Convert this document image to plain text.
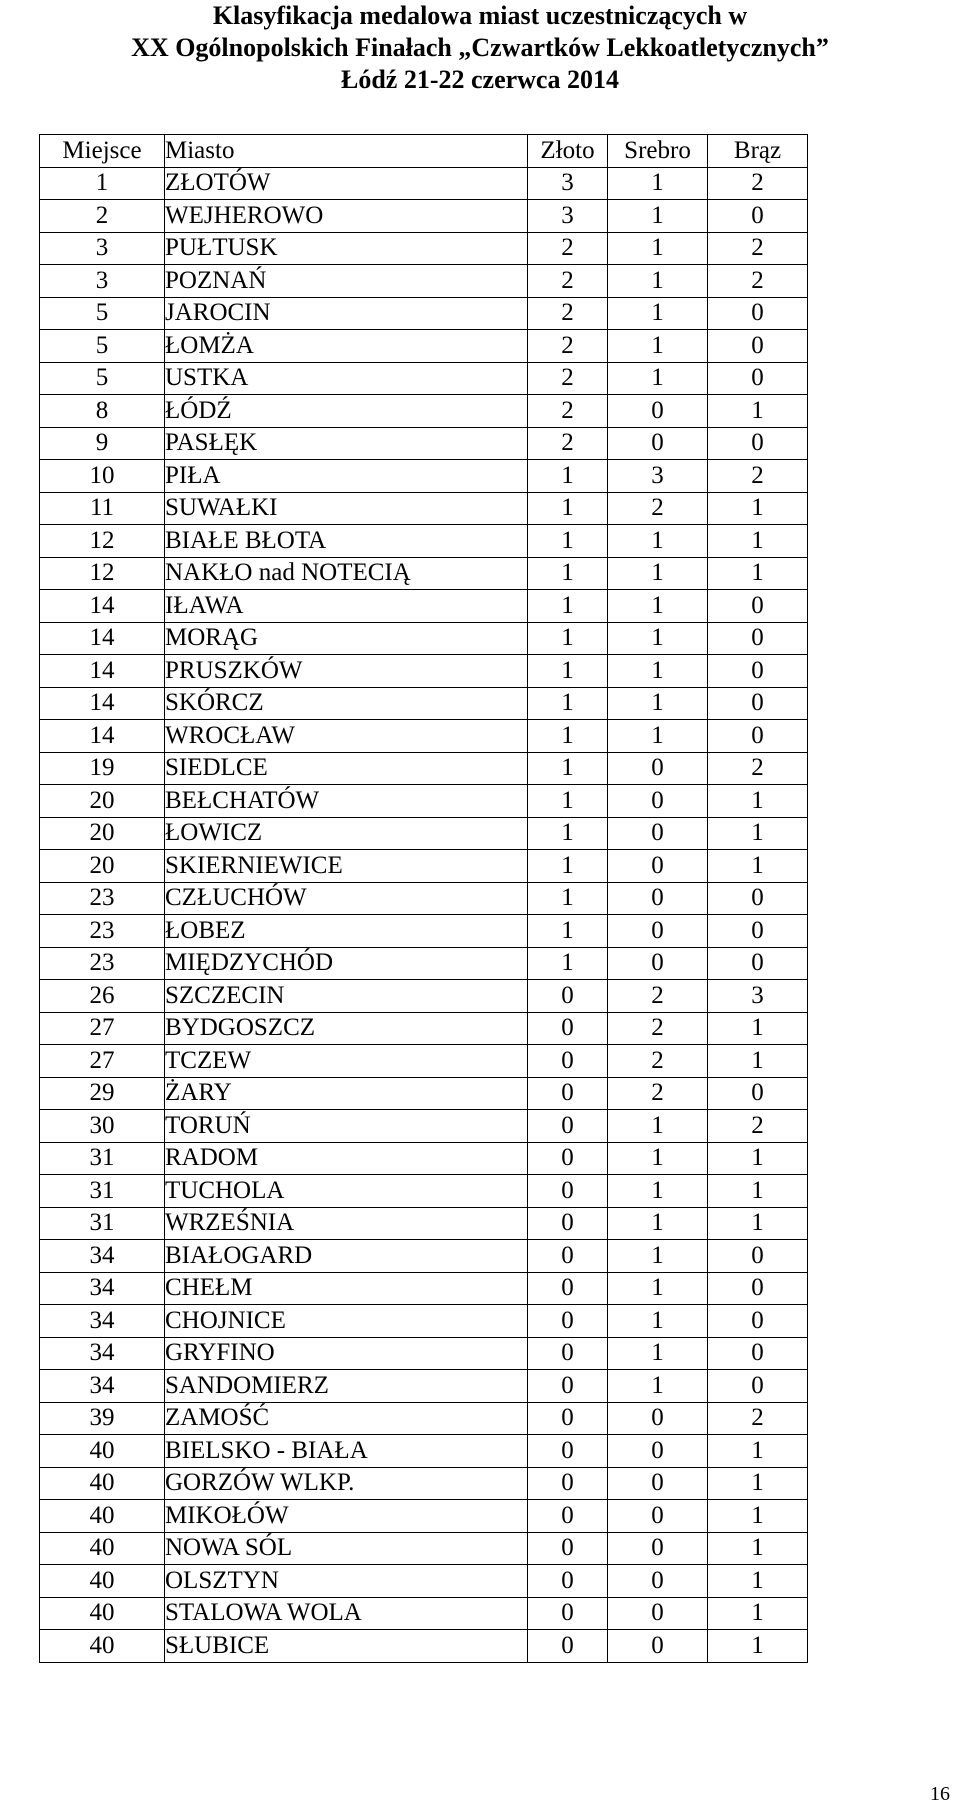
Klasyfikacja medalowa miast uczestniczących w

XX Ogólnopolskich Finałach „Czwartków Lekkoatletycznych”

Łódź 21-22 czerwca 2014

Miejsce	Miasto	Złoto	Srebro	Brąz
1	ZŁOTÓW	3	1	2
2	WEJHEROWO	3	1	0
3	PUŁTUSK	2	1	2
3	POZNAŃ	2	1	2
5	JAROCIN	2	1	0
5	ŁOMŻA	2	1	0
5	USTKA	2	1	0
8	ŁÓDŹ	2	0	1
9	PASŁĘK	2	0	0
10	PIŁA	1	3	2
11	SUWAŁKI	1	2	1
12	BIAŁE BŁOTA	1	1	1
12	NAKŁO nad NOTECIĄ	1	1	1
14	IŁAWA	1	1	0
14	MORĄG	1	1	0
14	PRUSZKÓW	1	1	0
14	SKÓRCZ	1	1	0
14	WROCŁAW	1	1	0
19	SIEDLCE	1	0	2
20	BEŁCHATÓW	1	0	1
20	ŁOWICZ	1	0	1
20	SKIERNIEWICE	1	0	1
23	CZŁUCHÓW	1	0	0
23	ŁOBEZ	1	0	0
23	MIĘDZYCHÓD	1	0	0
26	SZCZECIN	0	2	3
27	BYDGOSZCZ	0	2	1
27	TCZEW	0	2	1
29	ŻARY	0	2	0
30	TORUŃ	0	1	2
31	RADOM	0	1	1
31	TUCHOLA	0	1	1
31	WRZEŚNIA	0	1	1
34	BIAŁOGARD	0	1	0
34	CHEŁM	0	1	0
34	CHOJNICE	0	1	0
34	GRYFINO	0	1	0
34	SANDOMIERZ	0	1	0
39	ZAMOŚĆ	0	0	2
40	BIELSKO - BIAŁA	0	0	1
40	GORZÓW WLKP.	0	0	1
40	MIKOŁÓW	0	0	1
40	NOWA SÓL	0	0	1
40	OLSZTYN	0	0	1
40	STALOWA WOLA	0	0	1
40	SŁUBICE	0	0	1
16
